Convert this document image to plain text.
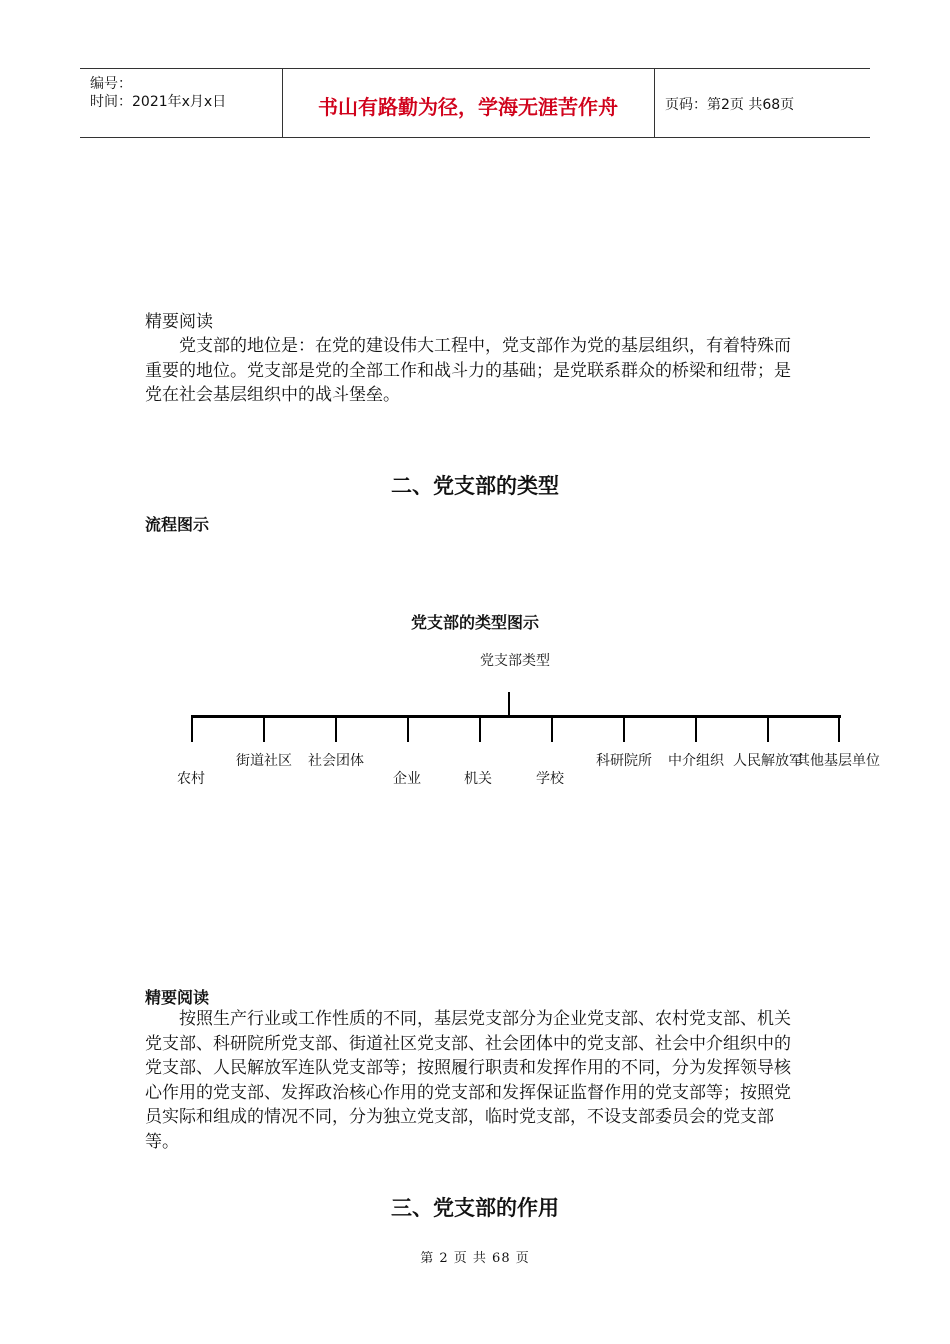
编号：
时间：2021年x月x日	书山有路勤为径，学海无涯苦作舟	页码：第2页 共68页
精要阅读
党支部的地位是：在党的建设伟大工程中，党支部作为党的基层组织，有着特殊而重要的地位。党支部是党的全部工作和战斗力的基础；是党联系群众的桥梁和纽带；是党在社会基层组织中的战斗堡垒。
二、党支部的类型
流程图示
党支部的类型图示
党支部类型
农村
街道社区 社会团体
企业	机关	学校
科研院所 中介组织 人民解放军
其他基层单位
精要阅读
按照生产行业或工作性质的不同，基层党支部分为企业党支部、农村党支部、机关党支部、科研院所党支部、街道社区党支部、社会团体中的党支部、社会中介组织中的党支部、人民解放军连队党支部等；按照履行职责和发挥作用的不同，分为发挥领导核心作用的党支部、发挥政治核心作用的党支部和发挥保证监督作用的党支部等；按照党员实际和组成的情况不同，分为独立党支部，临时党支部，不设支部委员会的党支部等。
三、党支部的作用
第 2 页 共 68 页
